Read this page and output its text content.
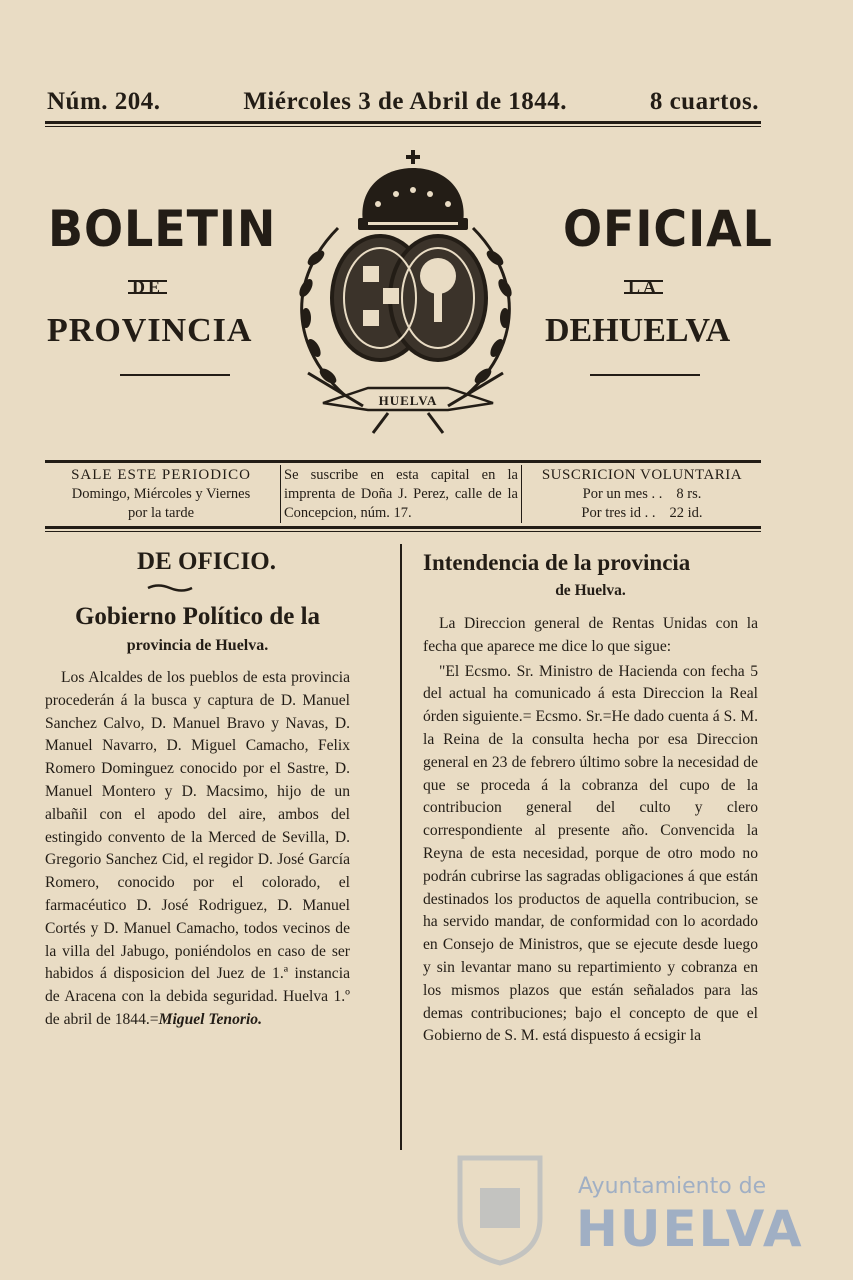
Núm. 204.	Miércoles 3 de Abril de 1844.	8 cuartos.
BOLETIN	OFICIAL
DE	LA
PROVINCIA	DEHUELVA
HUELVA
SALE ESTE PERIODICO
Domingo, Miércoles y Viernes
por la tarde
Se suscribe en esta capital en la imprenta de Doña J. Perez, calle de la Concepcion, núm. 17.
SUSCRICION VOLUNTARIA
Por un mes . . 8 rs.
Por tres id . . 22 id.
DE OFICIO.
Gobierno Político de la
provincia de Huelva.

Los Alcaldes de los pueblos de esta provincia procederán á la busca y captura de D. Manuel Sanchez Calvo, D. Manuel Bravo y Navas, D. Manuel Navarro, D. Miguel Camacho, Felix Romero Dominguez conocido por el Sastre, D. Manuel Montero y D. Macsimo, hijo de un albañil con el apodo del aire, ambos del estingido convento de la Merced de Sevilla, D. Gregorio Sanchez Cid, el regidor D. José García Romero, conocido por el colorado, el farmacéutico D. José Rodriguez, D. Manuel Cortés y D. Manuel Camacho, todos vecinos de la villa del Jabugo, poniéndolos en caso de ser habidos á disposicion del Juez de 1.ª instancia de Aracena con la debida seguridad. Huelva 1.º de abril de 1844.=Miguel Tenorio.

Intendencia de la provincia
de Huelva.

La Direccion general de Rentas Unidas con la fecha que aparece me dice lo que sigue:

"El Ecsmo. Sr. Ministro de Hacienda con fecha 5 del actual ha comunicado á esta Direccion la Real órden siguiente.= Ecsmo. Sr.=He dado cuenta á S. M. la Reina de la consulta hecha por esa Direccion general en 23 de febrero último sobre la necesidad de que se proceda á la cobranza del cupo de la contribucion general del culto y clero correspondiente al presente año. Convencida la Reyna de esta necesidad, porque de otro modo no podrán cubrirse las sagradas obligaciones á que están destinados los productos de aquella contribucion, se ha servido mandar, de conformidad con lo acordado en Consejo de Ministros, que se ejecute desde luego y sin levantar mano su repartimiento y cobranza en los mismos plazos que están señalados para las demas contribuciones; bajo el concepto de que el Gobierno de S. M. está dispuesto á ecsigir la

Ayuntamiento de
HUELVA
